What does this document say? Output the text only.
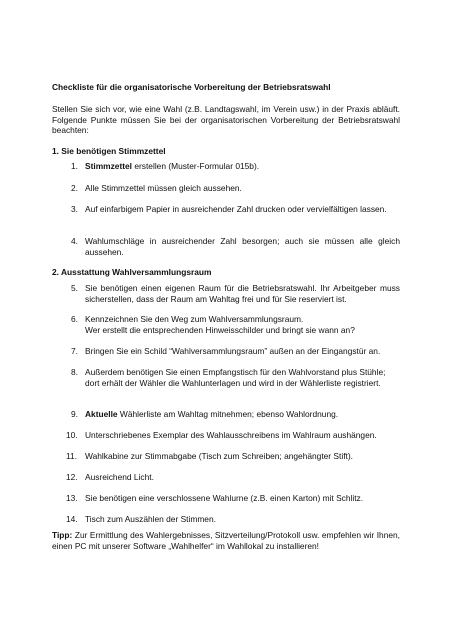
Checkliste für die organisatorische Vorbereitung der Betriebsratswahl
Stellen Sie sich vor, wie eine Wahl (z.B. Landtagswahl, im Verein usw.) in der Praxis abläuft. Folgende Punkte müssen Sie bei der organisatorischen Vorbereitung der Betriebsratswahl beachten:
1. Sie benötigen Stimmzettel
1. Stimmzettel erstellen (Muster-Formular 015b).
2. Alle Stimmzettel müssen gleich aussehen.
3. Auf einfarbigem Papier in ausreichender Zahl drucken oder vervielfältigen lassen.
4. Wahlumschläge in ausreichender Zahl besorgen; auch sie müssen alle gleich aussehen.
2. Ausstattung Wahlversammlungsraum
5. Sie benötigen einen eigenen Raum für die Betriebsratswahl. Ihr Arbeitgeber muss sicherstellen, dass der Raum am Wahltag frei und für Sie reserviert ist.
6. Kennzeichnen Sie den Weg zum Wahlversammlungsraum.
Wer erstellt die entsprechenden Hinweisschilder und bringt sie wann an?
7. Bringen Sie ein Schild “Wahlversammlungsraum” außen an der Eingangstür an.
8. Außerdem benötigen Sie einen Empfangstisch für den Wahlvorstand plus Stühle;
dort erhält der Wähler die Wahlunterlagen und wird in der Wählerliste registriert.
9. Aktuelle Wählerliste am Wahltag mitnehmen; ebenso Wahlordnung.
10. Unterschriebenes Exemplar des Wahlausschreibens im Wahlraum aushängen.
11. Wahlkabine zur Stimmabgabe (Tisch zum Schreiben; angehängter Stift).
12. Ausreichend Licht.
13. Sie benötigen eine verschlossene Wahlurne (z.B. einen Karton) mit Schlitz.
14. Tisch zum Auszählen der Stimmen.
Tipp: Zur Ermittlung des Wahlergebnisses, Sitzverteilung/Protokoll usw. empfehlen wir Ihnen, einen PC mit unserer Software „Wahlhelfer“ im Wahllokal zu installieren!
